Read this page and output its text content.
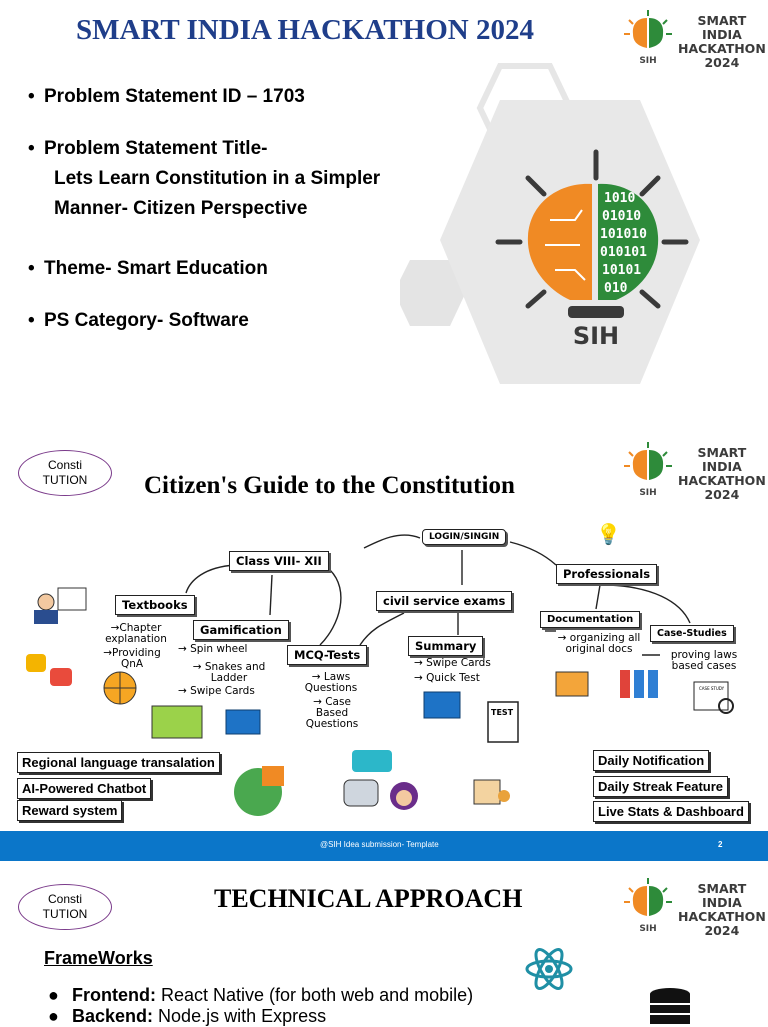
SMART INDIA HACKATHON 2024
SIH
SMART INDIA
HACKATHON
2024
• Problem Statement ID – 1703
• Problem Statement Title-
Lets Learn Constitution in a Simpler
Manner- Citizen Perspective
• Theme- Smart Education
• PS Category- Software
1010
01010
101010
010101
10101
010
SIH
Consti
TUTION Citizen's Guide to the Constitution	SIH
SMART INDIA
HACKATHON
2024
💡
LOGIN/SINGIN
Class VIII- XII
Professionals
Textbooks	civil service exams
Documentation
Gamification	Case-Studies
Summary
MCQ-Tests
→Chapter explanation
→Providing QnA
→ Spin wheel
→ Snakes and Ladder
→ Swipe Cards
→ Laws Questions
→ Case Based Questions
→ Swipe Cards
→ Quick Test
→ organizing all original docs	proving laws based cases
TEST
CASE STUDY
Regional language transalation
AI-Powered Chatbot
Reward system
Daily Notification
Daily Streak Feature
Live Stats & Dashboard
@SIH Idea submission- Template	2
Consti
TUTION
TECHNICAL APPROACH
SIH
SMART INDIA
HACKATHON
2024
FrameWorks
● Frontend: React Native (for both web and mobile)
● Backend: Node.js with Express
